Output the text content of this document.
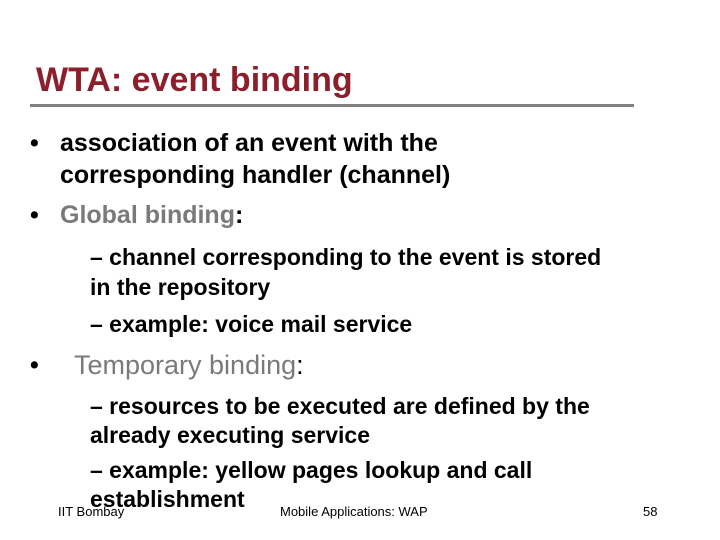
WTA: event binding
• association of an event with the
corresponding handler (channel)
• Global binding:
– channel corresponding to the event is stored
in the repository
– example: voice mail service
•	Temporary binding:
– resources to be executed are defined by the
already executing service
– example: yellow pages lookup and call
establishment
IIT Bombay	Mobile Applications: WAP	58
